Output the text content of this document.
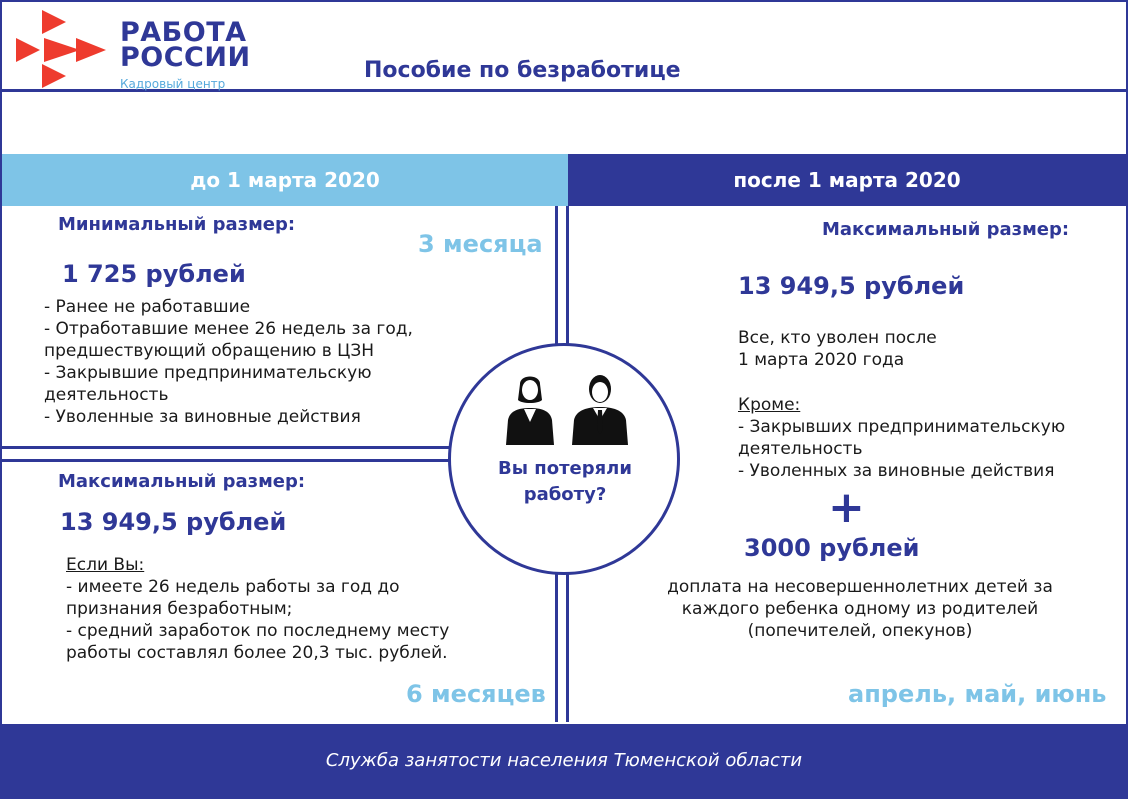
РАБОТА
РОССИИ
Кадровый центр
Пособие по безработице
до 1 марта 2020	после 1 марта 2020
Минимальный размер:
3 месяца
1 725 рублей
- Ранее не работавшие
- Отработавшие менее 26 недель за год,
предшествующий обращению в ЦЗН
- Закрывшие предпринимательскую
деятельность
- Уволенные за виновные действия
Максимальный размер:
13 949,5 рублей
Если Вы:
- имеете 26 недель работы за год до
признания безработным;
- средний заработок по последнему месту
работы составлял более 20,3 тыс. рублей.
6 месяцев
Вы потеряли
работу?
Максимальный размер:
13 949,5 рублей
Все, кто уволен после
1 марта 2020 года
Кроме:
- Закрывших предпринимательскую
деятельность
- Уволенных за виновные действия
+
3000 рублей
доплата на несовершеннолетних детей за
каждого ребенка одному из родителей
(попечителей, опекунов)
апрель, май, июнь
Служба занятости населения Тюменской области
